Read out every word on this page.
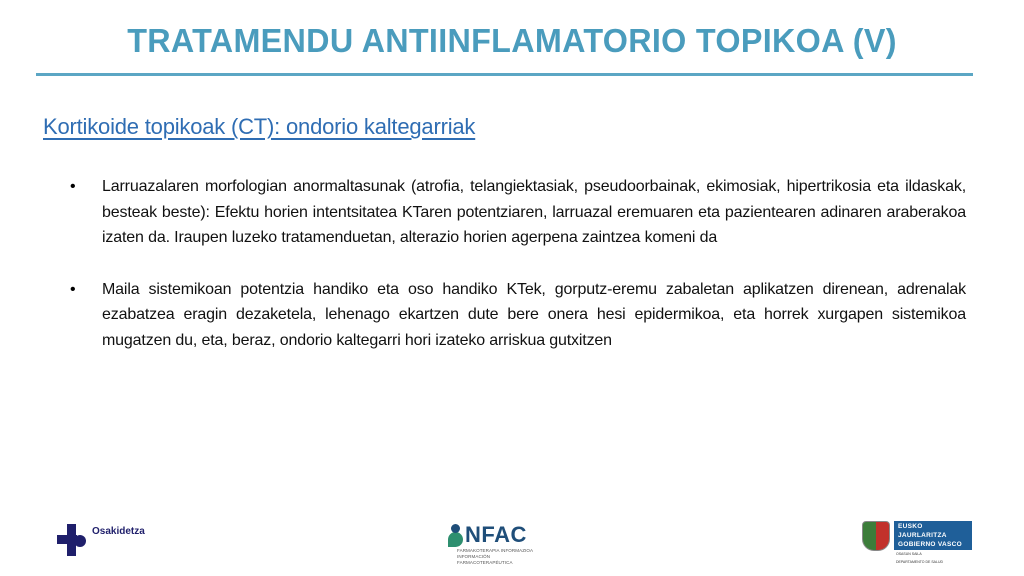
TRATAMENDU ANTIINFLAMATORIO TOPIKOA (V)
Kortikoide topikoak (CT): ondorio kaltegarriak
•	Larruazalaren morfologian anormaltasunak (atrofia, telangiektasiak, pseudoorbainak, ekimosiak, hipertrikosia eta ildaskak, besteak beste): Efektu horien intentsitatea KTaren potentziaren, larruazal eremuaren eta pazientearen adinaren araberakoa izaten da. Iraupen luzeko tratamenduetan, alterazio horien agerpena zaintzea komeni da
•	Maila sistemikoan potentzia handiko eta oso handiko KTek, gorputz-eremu zabaletan aplikatzen direnean, adrenalak ezabatzea eragin dezaketela, lehenago ekartzen dute bere onera hesi epidermikoa, eta horrek xurgapen sistemikoa mugatzen du, eta, beraz, ondorio kaltegarri hori izateko arriskua gutxitzen
Osakidetza	NFAC
FARMAKOTERAPIA INFORMAZIOA
INFORMACIÓN FARMACOTERAPÉUTICA
EUSKO JAURLARITZA
GOBIERNO VASCO
OSASUN SAILA
DEPARTAMENTO DE SALUD
